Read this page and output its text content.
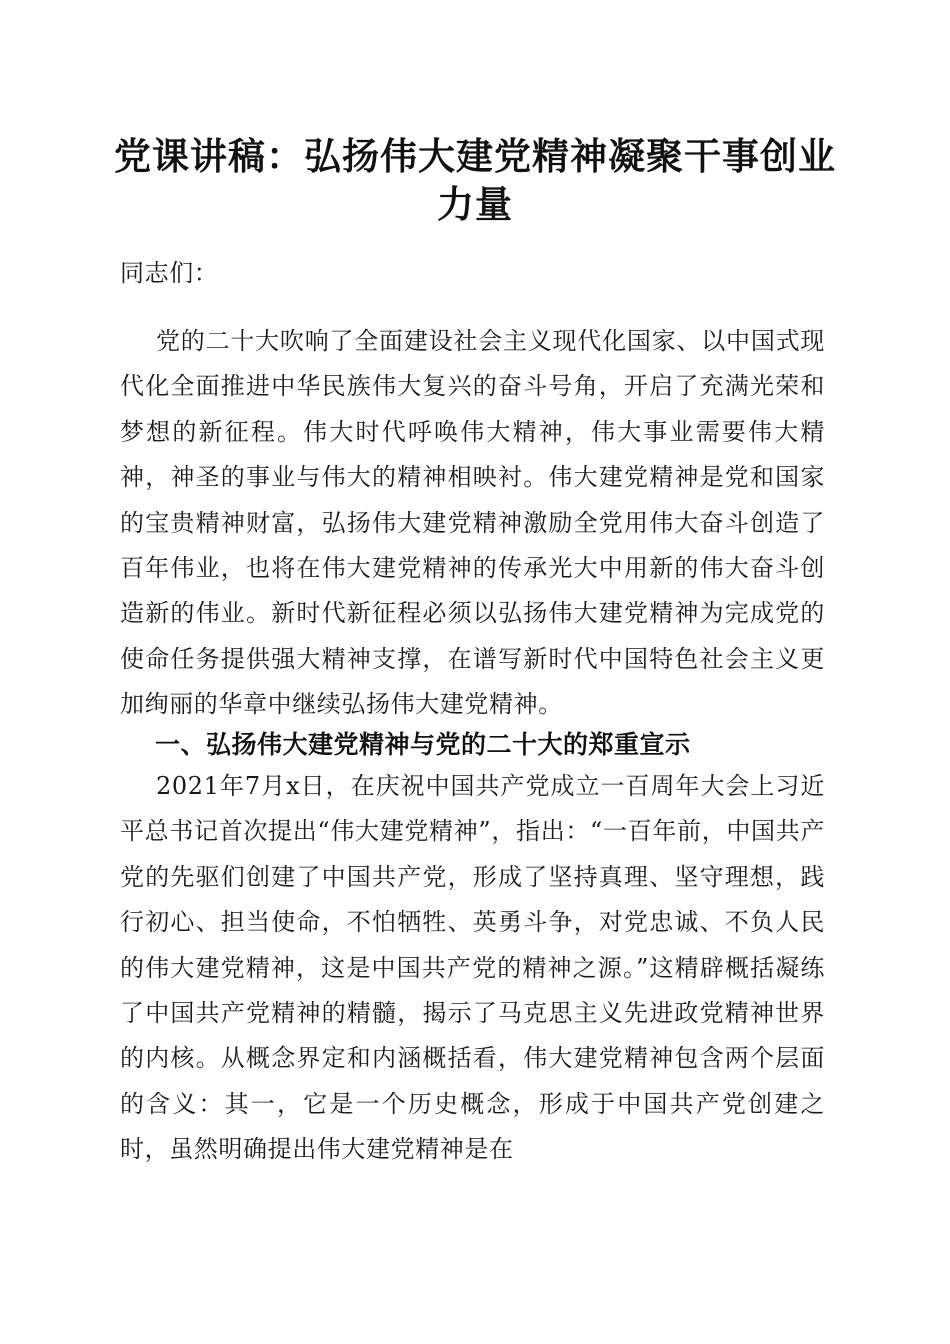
党课讲稿：弘扬伟大建党精神凝聚干事创业力量

同志们：

党的二十大吹响了全面建设社会主义现代化国家、以中国式现代化全面推进中华民族伟大复兴的奋斗号角，开启了充满光荣和梦想的新征程。伟大时代呼唤伟大精神，伟大事业需要伟大精神，神圣的事业与伟大的精神相映衬。伟大建党精神是党和国家的宝贵精神财富，弘扬伟大建党精神激励全党用伟大奋斗创造了百年伟业，也将在伟大建党精神的传承光大中用新的伟大奋斗创造新的伟业。新时代新征程必须以弘扬伟大建党精神为完成党的使命任务提供强大精神支撑，在谱写新时代中国特色社会主义更加绚丽的华章中继续弘扬伟大建党精神。

一、弘扬伟大建党精神与党的二十大的郑重宣示

2021年7月x日，在庆祝中国共产党成立一百周年大会上习近平总书记首次提出“伟大建党精神”，指出：“一百年前，中国共产党的先驱们创建了中国共产党，形成了坚持真理、坚守理想，践行初心、担当使命，不怕牺牲、英勇斗争，对党忠诚、不负人民的伟大建党精神，这是中国共产党的精神之源。”这精辟概括凝练了中国共产党精神的精髓，揭示了马克思主义先进政党精神世界的内核。从概念界定和内涵概括看，伟大建党精神包含两个层面的含义：其一，它是一个历史概念，形成于中国共产党创建之时，虽然明确提出伟大建党精神是在
